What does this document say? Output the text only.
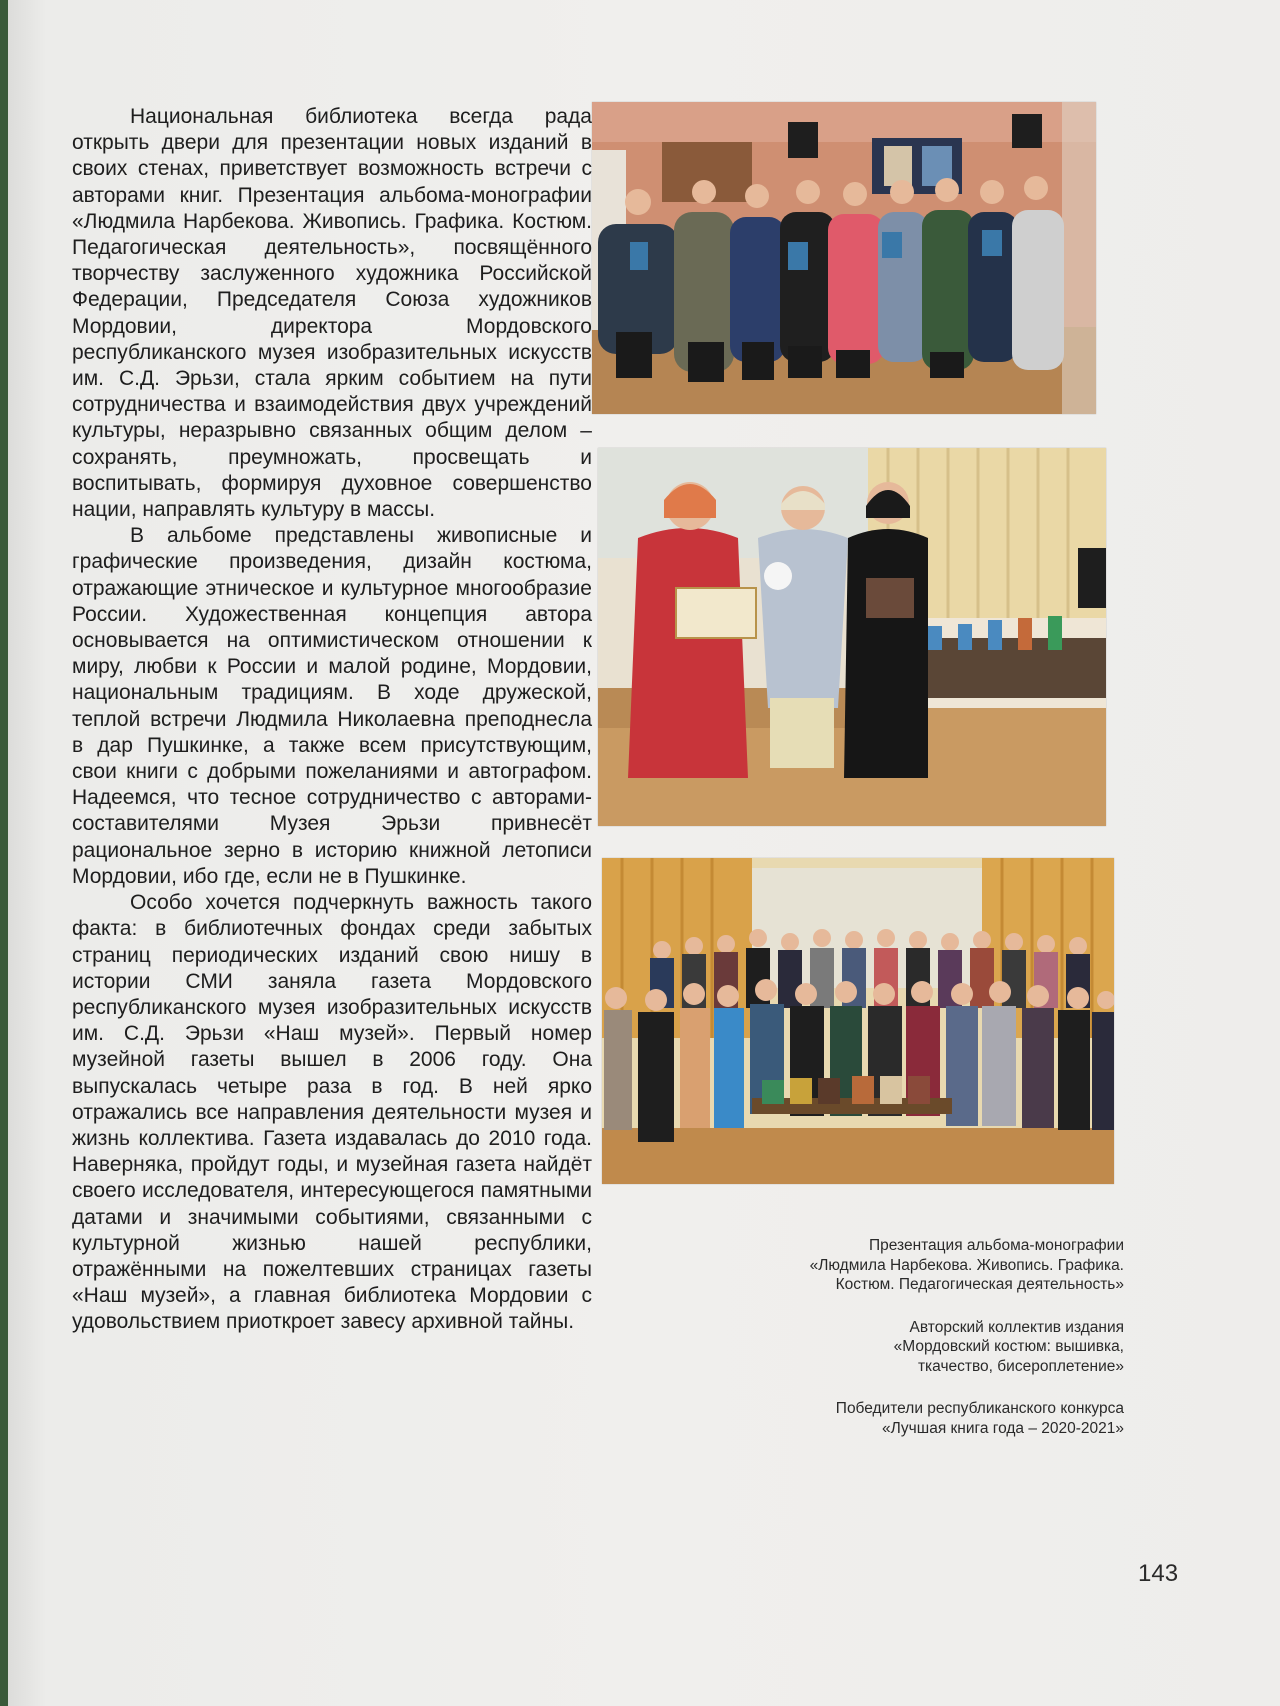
Национальная библиотека всегда рада открыть двери для презентации новых изданий в своих стенах, приветствует возможность встречи с авторами книг. Презентация альбома-монографии «Людмила Нарбекова. Живопись. Графика. Костюм. Педагогическая деятельность», посвящённого творчеству заслуженного художника Российской Федерации, Председателя Союза художников Мордовии, директора Мордовского республиканского музея изобразительных искусств им. С.Д. Эрьзи, стала ярким событием на пути сотрудничества и взаимодействия двух учреждений культуры, неразрывно связанных общим делом – сохранять, преумножать, просвещать и воспитывать, формируя духовное совершенство нации, направлять культуру в массы.

В альбоме представлены живописные и графические произведения, дизайн костюма, отражающие этническое и культурное многообразие России. Художественная концепция автора основывается на оптимистическом отношении к миру, любви к России и малой родине, Мордовии, национальным традициям. В ходе дружеской, теплой встречи Людмила Николаевна преподнесла в дар Пушкинке, а также всем присутствующим, свои книги с добрыми пожеланиями и автографом. Надеемся, что тесное сотрудничество с авторами-составителями Музея Эрьзи привнесёт рациональное зерно в историю книжной летописи Мордовии, ибо где, если не в Пушкинке.

Особо хочется подчеркнуть важность такого факта: в библиотечных фондах среди забытых страниц периодических изданий свою нишу в истории СМИ заняла газета Мордовского республиканского музея изобразительных искусств им. С.Д. Эрьзи «Наш музей». Первый номер музейной газеты вышел в 2006 году. Она выпускалась четыре раза в год. В ней ярко отражались все направления деятельности музея и жизнь коллектива. Газета издавалась до 2010 года. Наверняка, пройдут годы, и музейная газета найдёт своего исследователя, интересующегося памятными датами и значимыми событиями, связанными с культурной жизнью нашей республики, отражёнными на пожелтевших страницах газеты «Наш музей», а главная библиотека Мордовии с удовольствием приоткроет завесу архивной тайны.

Презентация альбома-монографии
«Людмила Нарбекова. Живопись. Графика.
Костюм. Педагогическая деятельность»

Авторский коллектив издания
«Мордовский костюм: вышивка,
ткачество, бисероплетение»

Победители республиканского конкурса
«Лучшая книга года – 2020-2021»

143
